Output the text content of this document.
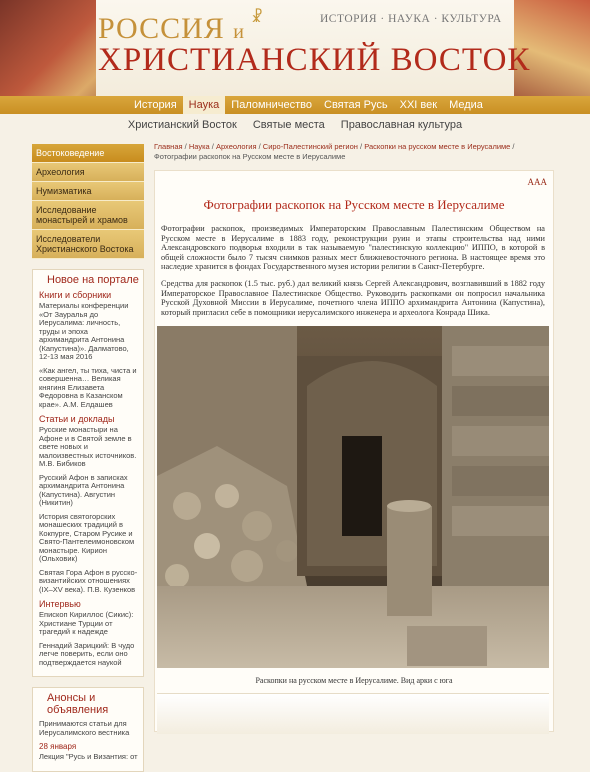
РОССИЯ и
☧
ХРИСТИАНСКИЙ ВОСТОК
ИСТОРИЯ · НАУКА · КУЛЬТУРА
История	Наука	Паломничество	Святая Русь	XXI век	Медиа
Христианский Восток Святые места Православная культура
Востоковедение
Археология
Нумизматика
Исследование монастырей и храмов
Исследователи Христианского Востока
Новое на портале
Книги и сборники
Материалы конференции «От Зауралья до Иерусалима: личность, труды и эпоха архимандрита Антонина (Капустина)». Далматово, 12-13 мая 2016
«Как ангел, ты тиха, чиста и совершенна… Великая княгиня Елизавета Федоровна в Казанском крае». А.М. Елдашев
Статьи и доклады
Русские монастыри на Афоне и в Святой земле в свете новых и малоизвестных источников. М.В. Бибиков
Русский Афон в записках архимандрита Антонина (Капустина). Августин (Никитин)
История святогорских монашеских традиций в Кокпурге, Старом Русике и Свято-Пантелеимоновском монастыре. Кирион (Ольховик)
Святая Гора Афон в русско-византийских отношениях (IX–XV века). П.В. Кузенков
Интервью
Епископ Кириллос (Сикис): Христиане Турции от трагедий к надежде
Геннадий Зарицкий: В чудо легче поверить, если оно подтверждается наукой
Анонсы и объявления
Принимаются статьи для Иерусалимского вестника
28 января
Лекция "Русь и Византия: от
Главная / Наука / Археология / Сиро-Палестинский регион / Раскопки на русском месте в Иерусалиме / Фотографии раскопок на Русском месте в Иерусалиме
AAA
Фотографии раскопок на Русском месте в Иерусалиме

Фотографии раскопок, произведимых Императорским Православным Палестинским Обществом на Русском месте в Иерусалиме в 1883 году, реконструкции руин и этапы строительства над ними Александровского подворья входили в так называемую "палестинскую коллекцию" ИППО, в которой в общей сложности было 7 тысяч снимков разных мест ближневосточного региона. В настоящее время это наследие хранится в фондах Государственного музея истории религии в Санкт-Петербурге.

Средства для раскопок (1.5 тыс. руб.) дал великий князь Сергей Александрович, возглавивший в 1882 году Императорское Православное Палестинское Общество. Руководить раскопками он попросил начальника Русской Духовной Миссии в Иерусалиме, почетного члена ИППО архимандрита Антонина (Капустина), который пригласил себе в помощники иерусалимского инженера и археолога Конрада Шика.

Раскопки на русском месте в Иерусалиме. Вид арки с юга
